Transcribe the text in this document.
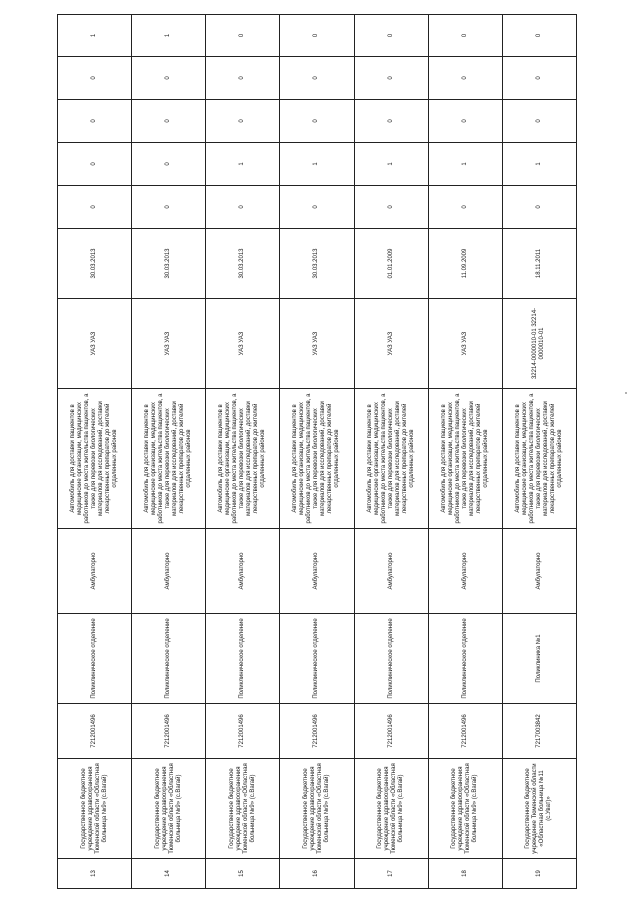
13	Государственное бюджетное учреждение здравоохранения Тюменской области «Областная больница №9» (с.Вагай)	7212001496	Поликлиническое отделение	Амбулаторно	Автомобиль для доставки пациентов в медицинские организации, медицинских работников до места жительства пациентов, а также для перевозки биологических материалов для исследований, доставки лекарственных препаратов до жителей отдаленных районов	УАЗ УАЗ	30.03.2013	0	0	0	0	1
14	Государственное бюджетное учреждение здравоохранения Тюменской области «Областная больница №9» (с.Вагай)	7212001496	Поликлиническое отделение	Амбулаторно	Автомобиль для доставки пациентов в медицинские организации, медицинских работников до места жительства пациентов, а также для перевозки биологических материалов для исследований, доставки лекарственных препаратов до жителей отдаленных районов	УАЗ УАЗ	30.03.2013	0	0	0	0	1
15	Государственное бюджетное учреждение здравоохранения Тюменской области «Областная больница №9» (с.Вагай)	7212001496	Поликлиническое отделение	Амбулаторно	Автомобиль для доставки пациентов в медицинские организации, медицинских работников до места жительства пациентов, а также для перевозки биологических материалов для исследований, доставки лекарственных препаратов до жителей отдаленных районов	УАЗ УАЗ	30.03.2013	0	1	0	0	0
16	Государственное бюджетное учреждение здравоохранения Тюменской области «Областная больница №9» (с.Вагай)	7212001496	Поликлиническое отделение	Амбулаторно	Автомобиль для доставки пациентов в медицинские организации, медицинских работников до места жительства пациентов, а также для перевозки биологических материалов для исследований, доставки лекарственных препаратов до жителей отдаленных районов	УАЗ УАЗ	30.03.2013	0	1	0	0	0
17	Государственное бюджетное учреждение здравоохранения Тюменской области «Областная больница №9» (с.Вагай)	7212001496	Поликлиническое отделение	Амбулаторно	Автомобиль для доставки пациентов в медицинские организации, медицинских работников до места жительства пациентов, а также для перевозки биологических материалов для исследований, доставки лекарственных препаратов до жителей отдаленных районов	УАЗ УАЗ	01.01.2009	0	1	0	0	0
18	Государственное бюджетное учреждение здравоохранения Тюменской области «Областная больница №9» (с.Вагай)	7212001496	Поликлиническое отделение	Амбулаторно	Автомобиль для доставки пациентов в медицинские организации, медицинских работников до места жительства пациентов, а также для перевозки биологических материалов для исследований, доставки лекарственных препаратов до жителей отдаленных районов	УАЗ УАЗ	11.09.2009	0	1	0	0	0
19	Государственное бюджетное учреждение Тюменской области «Областная больница №11 (с.Уват)»	7217003842	Поликлиника №1	Амбулаторно	Автомобиль для доставки пациентов в медицинские организации, медицинских работников до места жительства пациентов, а также для перевозки биологических материалов для исследований, доставки лекарственных препаратов до жителей отдаленных районов	32214-0000010-01 32214-0000010-01	18.11.2011	0	1	0	0	0
